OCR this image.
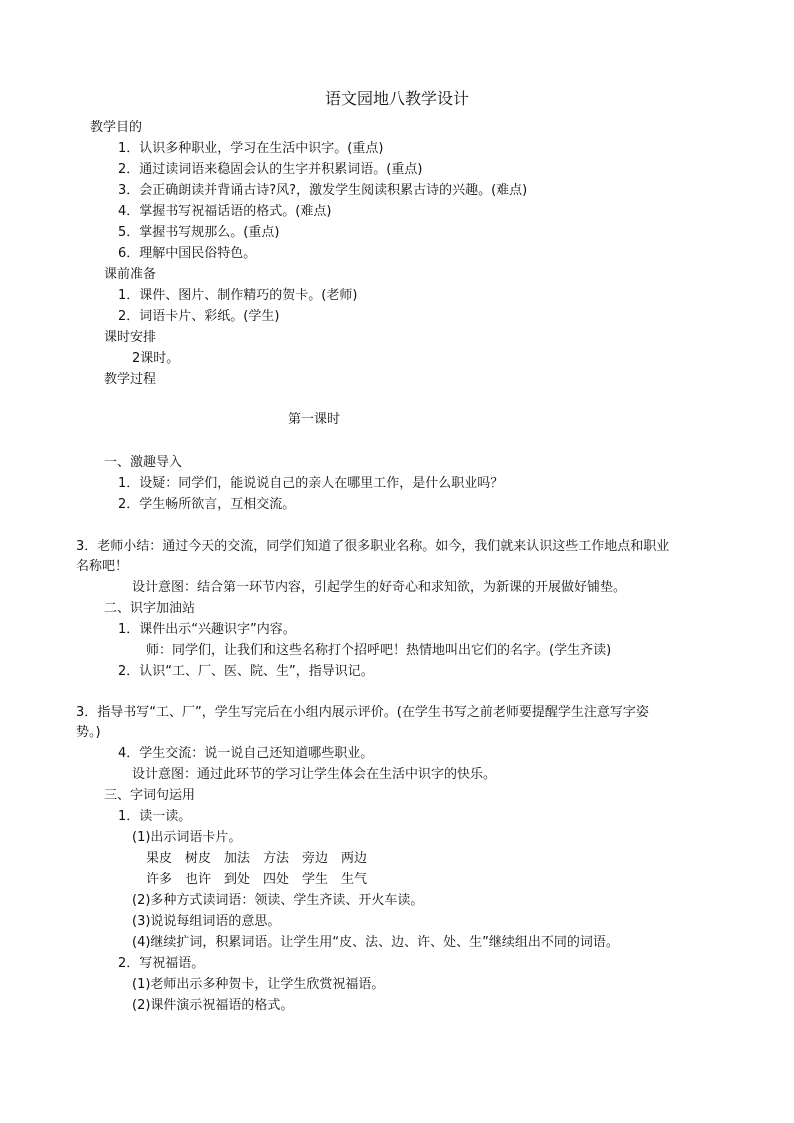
语文园地八教学设计
教学目的
1．认识多种职业，学习在生活中识字。(重点)
2．通过读词语来稳固会认的生字并积累词语。(重点)
3．会正确朗读并背诵古诗?风?，激发学生阅读积累古诗的兴趣。(难点)
4．掌握书写祝福话语的格式。(难点)
5．掌握书写规那么。(重点)
6．理解中国民俗特色。
课前准备
1．课件、图片、制作精巧的贺卡。(老师)
2．词语卡片、彩纸。(学生)
课时安排
2课时。
教学过程
第一课时
一、激趣导入
1．设疑：同学们，能说说自己的亲人在哪里工作，是什么职业吗？
2．学生畅所欲言，互相交流。
3．老师小结：通过今天的交流，同学们知道了很多职业名称。如今，我们就来认识这些工作地点和职业
名称吧！
设计意图：结合第一环节内容，引起学生的好奇心和求知欲，为新课的开展做好铺垫。
二、识字加油站
1．课件出示“兴趣识字”内容。
师：同学们，让我们和这些名称打个招呼吧！热情地叫出它们的名字。(学生齐读)
2．认识“工、厂、医、院、生”，指导识记。
3．指导书写“工、厂”，学生写完后在小组内展示评价。(在学生书写之前老师要提醒学生注意写字姿
势。)
4．学生交流：说一说自己还知道哪些职业。
设计意图：通过此环节的学习让学生体会在生活中识字的快乐。
三、字词句运用
1．读一读。
(1)出示词语卡片。
果皮　树皮　加法　方法　旁边　两边
许多　也许　到处　四处　学生　生气
(2)多种方式读词语：领读、学生齐读、开火车读。
(3)说说每组词语的意思。
(4)继续扩词，积累词语。让学生用“皮、法、边、许、处、生”继续组出不同的词语。
2．写祝福语。
(1)老师出示多种贺卡，让学生欣赏祝福语。
(2)课件演示祝福语的格式。
